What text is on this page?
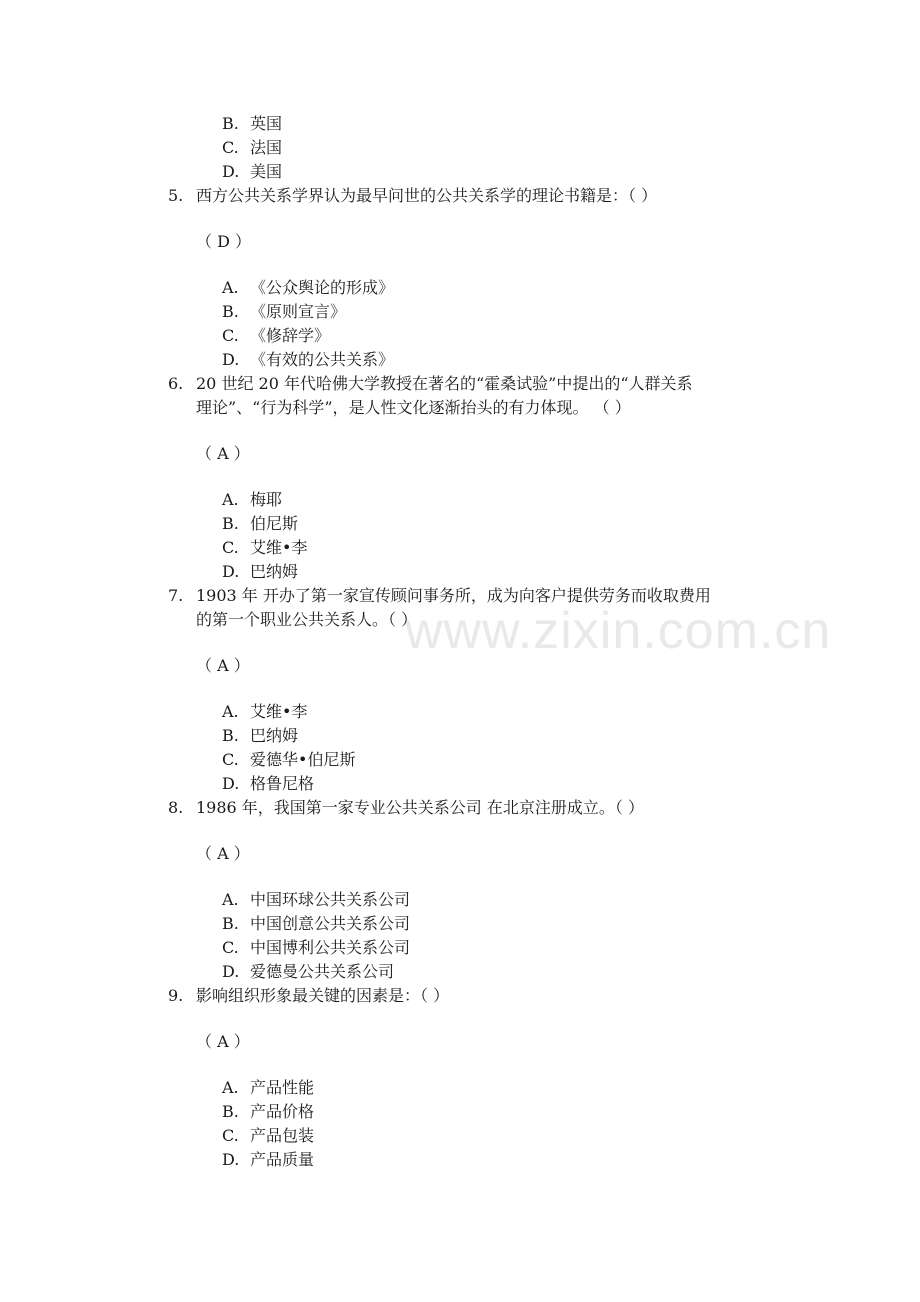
www.zixin.com.cn
B. 英国
C. 法国
D. 美国
5. 西方公共关系学界认为最早问世的公共关系学的理论书籍是：（ ）
（ D ）
A. 《公众舆论的形成》
B. 《原则宣言》
C. 《修辞学》
D. 《有效的公共关系》
6. 20 世纪 20 年代哈佛大学教授在著名的“霍桑试验”中提出的“人群关系
理论”、“行为科学”，是人性文化逐渐抬头的有力体现。 （ ）
（ A ）
A. 梅耶
B. 伯尼斯
C. 艾维•李
D. 巴纳姆
7. 1903 年 开办了第一家宣传顾问事务所，成为向客户提供劳务而收取费用
的第一个职业公共关系人。（ ）
（ A ）
A. 艾维•李
B. 巴纳姆
C. 爱德华•伯尼斯
D. 格鲁尼格
8. 1986 年，我国第一家专业公共关系公司 在北京注册成立。（ ）
（ A ）
A. 中国环球公共关系公司
B. 中国创意公共关系公司
C. 中国博利公共关系公司
D. 爱德曼公共关系公司
9. 影响组织形象最关键的因素是：（ ）
（ A ）
A. 产品性能
B. 产品价格
C. 产品包装
D. 产品质量
